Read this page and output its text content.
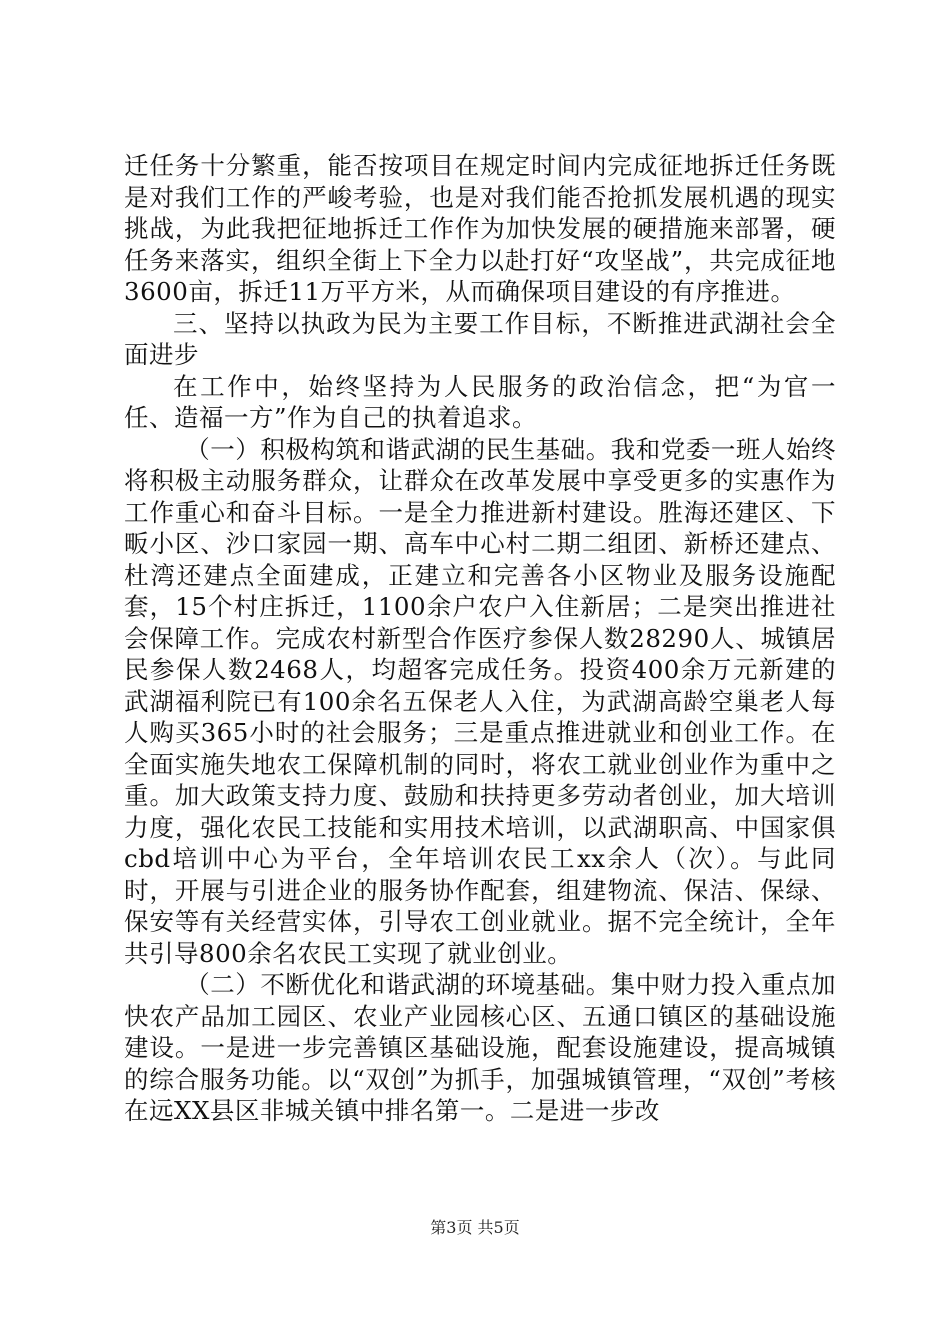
迁任务十分繁重，能否按项目在规定时间内完成征地拆迁任务既是对我们工作的严峻考验，也是对我们能否抢抓发展机遇的现实挑战，为此我把征地拆迁工作作为加快发展的硬措施来部署，硬任务来落实，组织全街上下全力以赴打好“攻坚战”，共完成征地3600亩，拆迁11万平方米，从而确保项目建设的有序推进。

三、坚持以执政为民为主要工作目标，不断推进武湖社会全面进步

在工作中，始终坚持为人民服务的政治信念，把“为官一任、造福一方”作为自己的执着追求。

（一）积极构筑和谐武湖的民生基础。我和党委一班人始终将积极主动服务群众，让群众在改革发展中享受更多的实惠作为工作重心和奋斗目标。一是全力推进新村建设。胜海还建区、下畈小区、沙口家园一期、高车中心村二期二组团、新桥还建点、杜湾还建点全面建成，正建立和完善各小区物业及服务设施配套，15个村庄拆迁，1100余户农户入住新居；二是突出推进社会保障工作。完成农村新型合作医疗参保人数28290人、城镇居民参保人数2468人，均超客完成任务。投资400余万元新建的武湖福利院已有100余名五保老人入住，为武湖高龄空巢老人每人购买365小时的社会服务；三是重点推进就业和创业工作。在全面实施失地农工保障机制的同时，将农工就业创业作为重中之重。加大政策支持力度、鼓励和扶持更多劳动者创业，加大培训力度，强化农民工技能和实用技术培训，以武湖职高、中国家俱cbd培训中心为平台，全年培训农民工xx余人（次）。与此同时，开展与引进企业的服务协作配套，组建物流、保洁、保绿、保安等有关经营实体，引导农工创业就业。据不完全统计，全年共引导800余名农民工实现了就业创业。

（二）不断优化和谐武湖的环境基础。集中财力投入重点加快农产品加工园区、农业产业园核心区、五通口镇区的基础设施建设。一是进一步完善镇区基础设施，配套设施建设，提高城镇的综合服务功能。以“双创”为抓手，加强城镇管理，“双创”考核在远XX县区非城关镇中排名第一。二是进一步改

第3页 共5页
